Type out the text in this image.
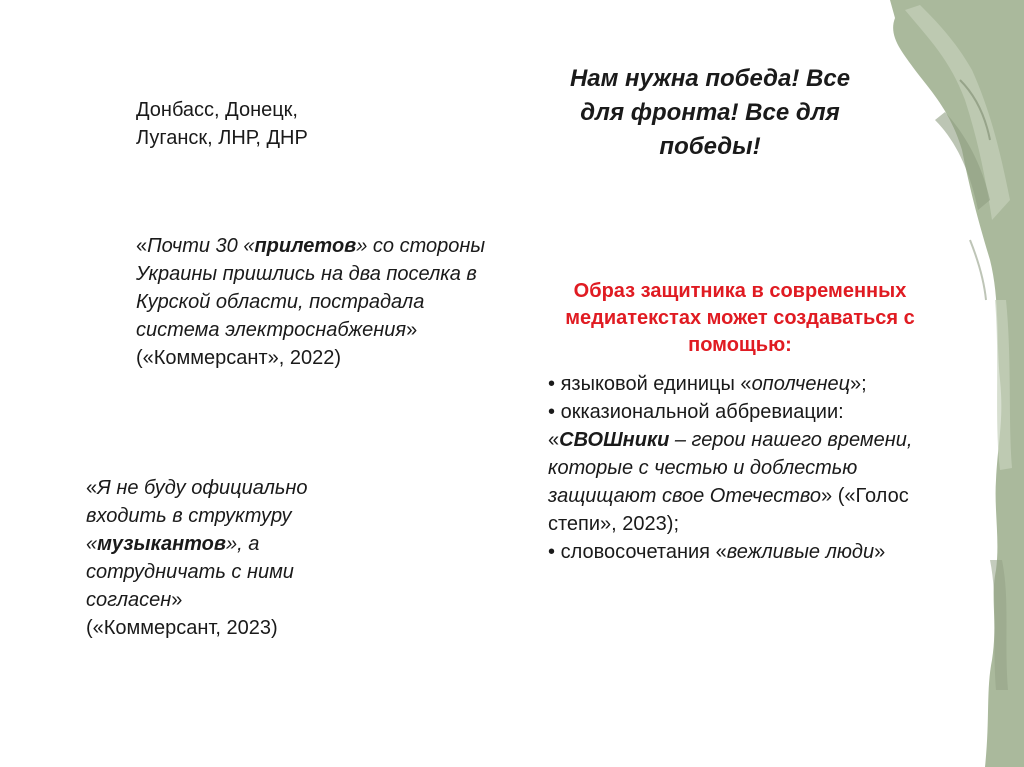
Донбасс, Донецк,

Луганск, ЛНР, ДНР

«Почти 30 «прилетов» со стороны Украины пришлись на два поселка в Курской области, пострадала система электроснабжения»

(«Коммерсант», 2022)

«Я не буду официально входить в структуру «музыкантов», а сотрудничать с ними согласен»

(«Коммерсант, 2023)

Нам нужна победа! Все для фронта! Все для победы!
Образ защитника в современных медиатекстах может создаваться с помощью:

• языковой единицы «ополченец»;

• окказиональной аббревиации:

«СВОШники – герои нашего времени, которые с честью и доблестью защищают свое Отечество» («Голос степи», 2023);

• словосочетания «вежливые люди»
